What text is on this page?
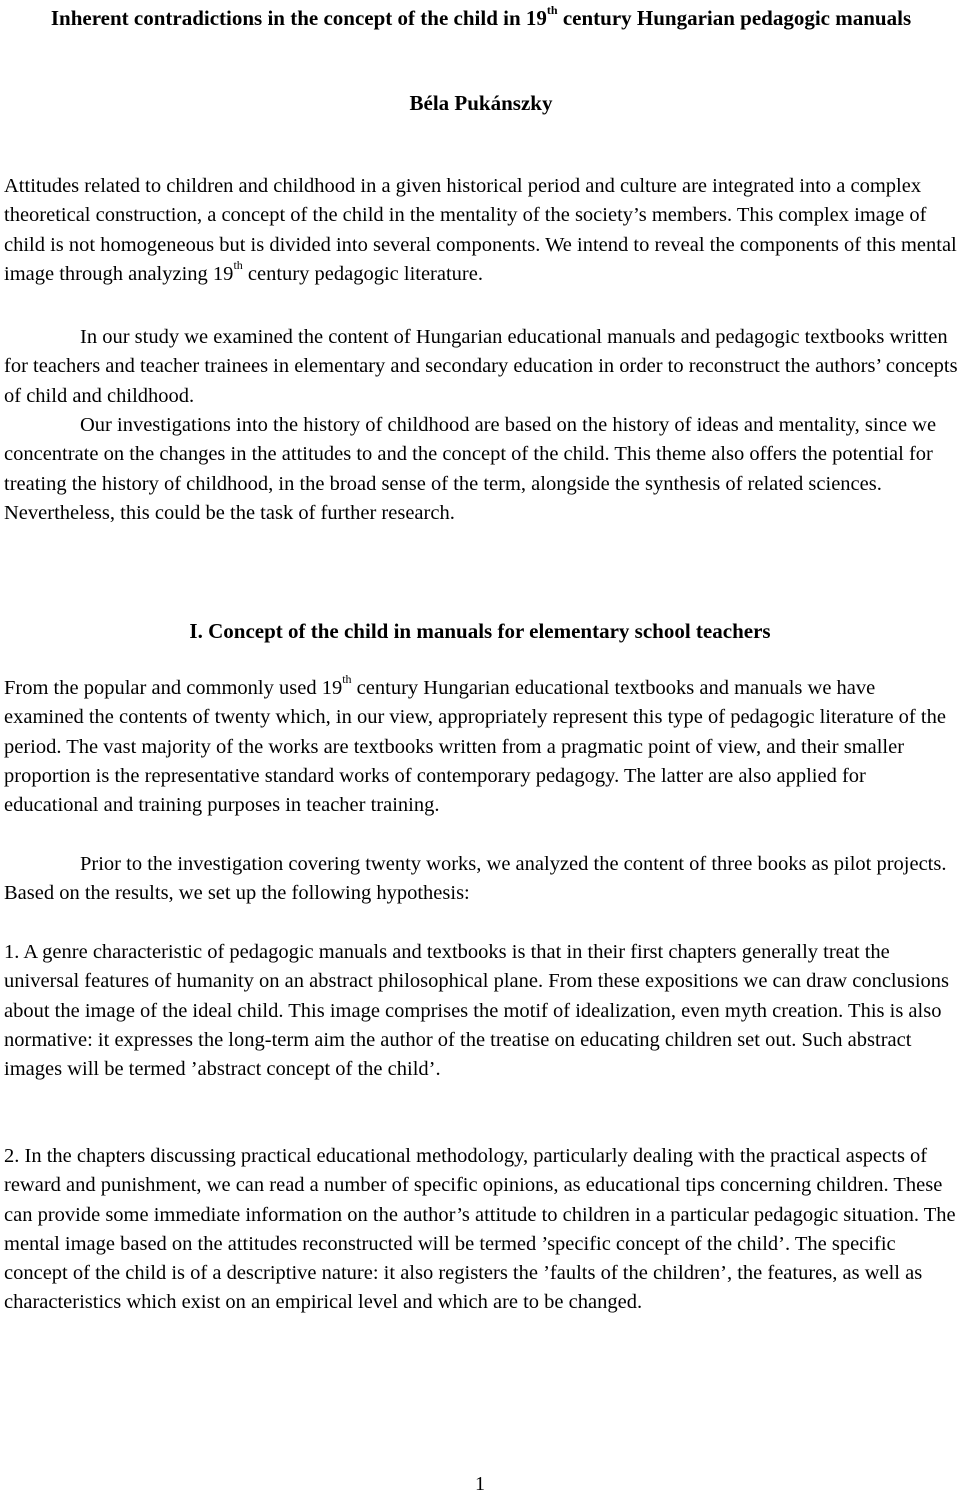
Inherent contradictions in the concept of the child in 19th century Hungarian pedagogic manuals

Béla Pukánszky

Attitudes related to children and childhood in a given historical period and culture are integrated into a complex theoretical construction, a concept of the child in the mentality of the society’s members. This complex image of child is not homogeneous but is divided into several components. We intend to reveal the components of this mental image through analyzing 19th century pedagogic literature.

In our study we examined the content of Hungarian educational manuals and pedagogic textbooks written for teachers and teacher trainees in elementary and secondary education in order to reconstruct the authors’ concepts of child and childhood.

Our investigations into the history of childhood are based on the history of ideas and mentality, since we concentrate on the changes in the attitudes to and the concept of the child. This theme also offers the potential for treating the history of childhood, in the broad sense of the term, alongside the synthesis of related sciences. Nevertheless, this could be the task of further research.

I. Concept of the child in manuals for elementary school teachers

From the popular and commonly used 19th century Hungarian educational textbooks and manuals we have examined the contents of twenty which, in our view, appropriately represent this type of pedagogic literature of the period. The vast majority of the works are textbooks written from a pragmatic point of view, and their smaller proportion is the representative standard works of contemporary pedagogy. The latter are also applied for educational and training purposes in teacher training.

Prior to the investigation covering twenty works, we analyzed the content of three books as pilot projects. Based on the results, we set up the following hypothesis:

1. A genre characteristic of pedagogic manuals and textbooks is that in their first chapters generally treat the universal features of humanity on an abstract philosophical plane. From these expositions we can draw conclusions about the image of the ideal child. This image comprises the motif of idealization, even myth creation. This is also normative: it expresses the long-term aim the author of the treatise on educating children set out. Such abstract images will be termed ’abstract concept of the child’.

2. In the chapters discussing practical educational methodology, particularly dealing with the practical aspects of reward and punishment, we can read a number of specific opinions, as educational tips concerning children. These can provide some immediate information on the author’s attitude to children in a particular pedagogic situation. The mental image based on the attitudes reconstructed will be termed ’specific concept of the child’. The specific concept of the child is of a descriptive nature: it also registers the ’faults of the children’, the features, as well as characteristics which exist on an empirical level and which are to be changed.

1
